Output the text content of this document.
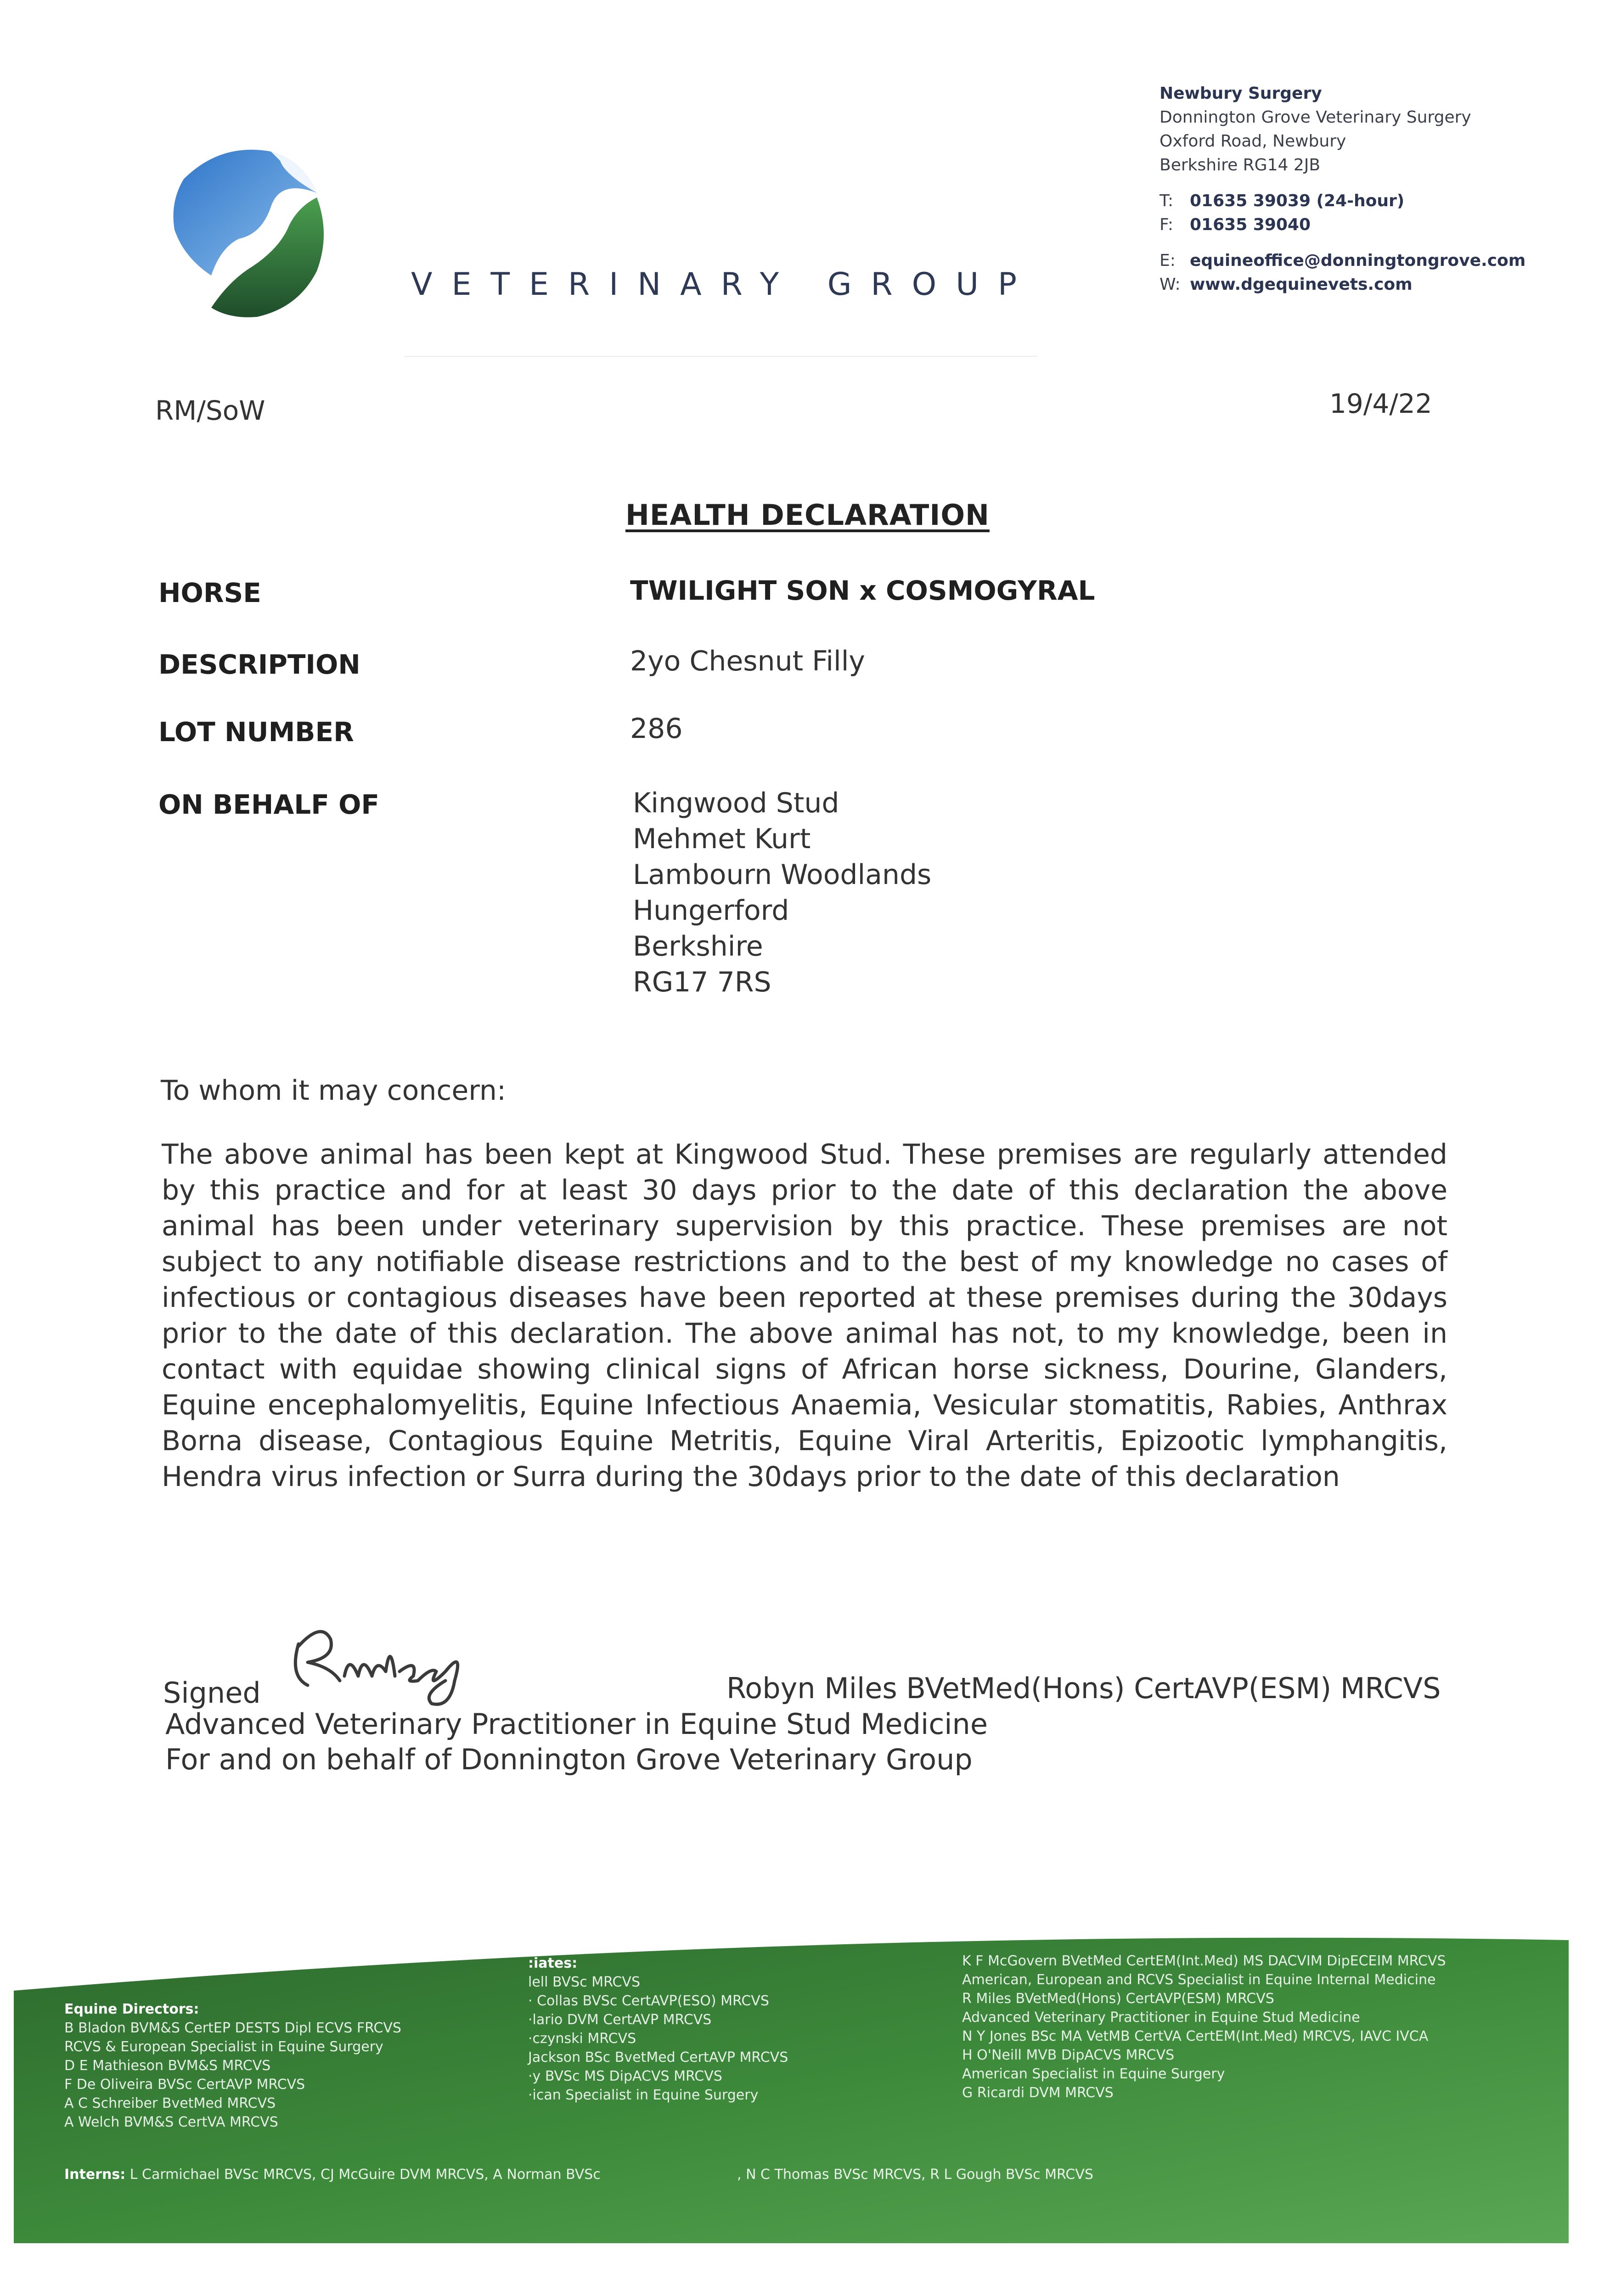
VETERINARY GROUP
Newbury Surgery
Donnington Grove Veterinary Surgery
Oxford Road, Newbury
Berkshire RG14 2JB
T: 01635 39039 (24-hour)
F: 01635 39040
E: equineoffice@donningtongrove.com
W: www.dgequinevets.com
RM/SoW	19/4/22
HEALTH DECLARATION
HORSE	TWILIGHT SON x COSMOGYRAL
DESCRIPTION	2yo Chesnut Filly
LOT NUMBER	286
ON BEHALF OF	Kingwood Stud
Mehmet Kurt
Lambourn Woodlands
Hungerford
Berkshire
RG17 7RS
To whom it may concern:
The above animal has been kept at Kingwood Stud. These premises are regularly attended by this practice and for at least 30 days prior to the date of this declaration the above animal has been under veterinary supervision by this practice. These premises are not subject to any notifiable disease restrictions and to the best of my knowledge no cases of infectious or contagious diseases have been reported at these premises during the 30days prior to the date of this declaration. The above animal has not, to my knowledge, been in contact with equidae showing clinical signs of African horse sickness, Dourine, Glanders, Equine encephalomyelitis, Equine Infectious Anaemia, Vesicular stomatitis, Rabies, Anthrax Borna disease, Contagious Equine Metritis, Equine Viral Arteritis, Epizootic lymphangitis, Hendra virus infection or Surra during the 30days prior to the date of this declaration
Signed	Robyn Miles BVetMed(Hons) CertAVP(ESM) MRCVS
Advanced Veterinary Practitioner in Equine Stud Medicine
For and on behalf of Donnington Grove Veterinary Group
Equine Directors:
B Bladon BVM&S CertEP DESTS Dipl ECVS FRCVS
RCVS & European Specialist in Equine Surgery
D E Mathieson BVM&S MRCVS
F De Oliveira BVSc CertAVP MRCVS
A C Schreiber BvetMed MRCVS
A Welch BVM&S CertVA MRCVS
:iates:
lell BVSc MRCVS
· Collas BVSc CertAVP(ESO) MRCVS
·lario DVM CertAVP MRCVS
·czynski MRCVS
Jackson BSc BvetMed CertAVP MRCVS
·y BVSc MS DipACVS MRCVS
·ican Specialist in Equine Surgery
K F McGovern BVetMed CertEM(Int.Med) MS DACVIM DipECEIM MRCVS
American, European and RCVS Specialist in Equine Internal Medicine
R Miles BVetMed(Hons) CertAVP(ESM) MRCVS
Advanced Veterinary Practitioner in Equine Stud Medicine
N Y Jones BSc MA VetMB CertVA CertEM(Int.Med) MRCVS, IAVC IVCA
H O'Neill MVB DipACVS MRCVS
American Specialist in Equine Surgery
G Ricardi DVM MRCVS
Interns: L Carmichael BVSc MRCVS, CJ McGuire DVM MRCVS, A Norman BVSc	, N C Thomas BVSc MRCVS, R L Gough BVSc MRCVS
